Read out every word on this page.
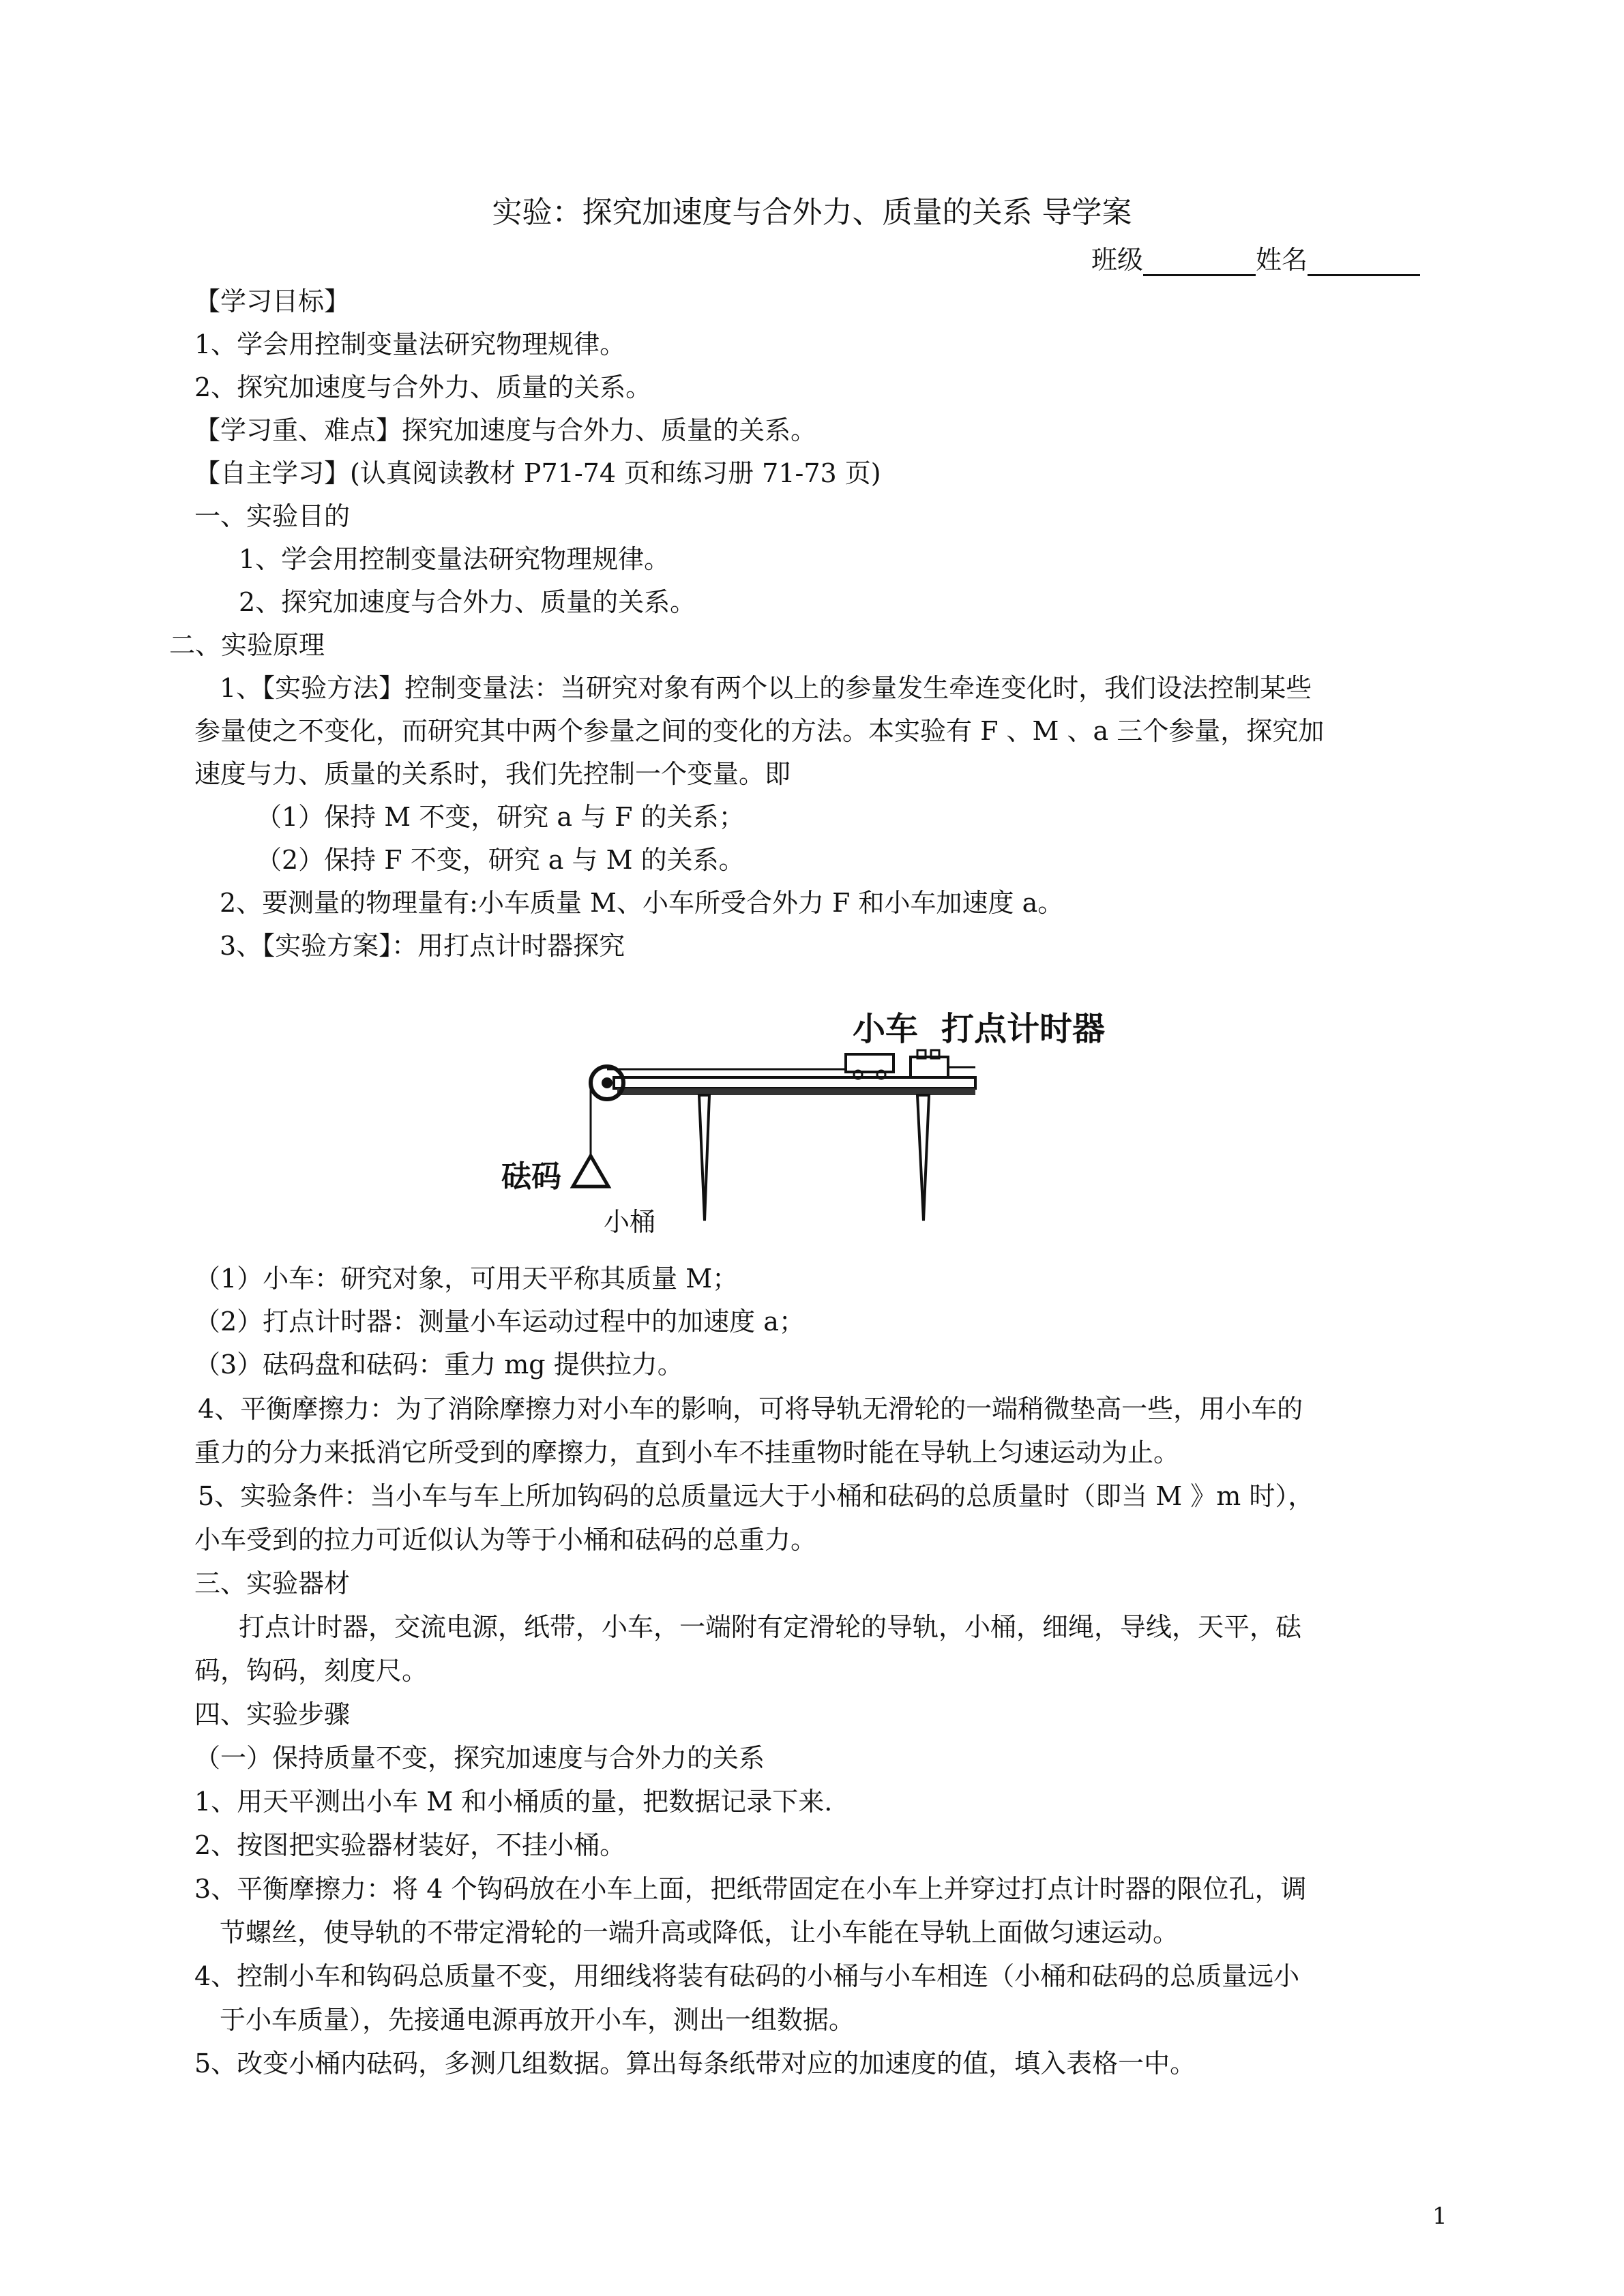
实验：探究加速度与合外力、质量的关系 导学案
班级	姓名
【学习目标】
1、学会用控制变量法研究物理规律。
2、探究加速度与合外力、质量的关系。
【学习重、难点】探究加速度与合外力、质量的关系。
【自主学习】(认真阅读教材 P71-74 页和练习册 71-73 页)
一、实验目的
1、学会用控制变量法研究物理规律。
2、探究加速度与合外力、质量的关系。
二、实验原理
1、【实验方法】控制变量法：当研究对象有两个以上的参量发生牵连变化时，我们设法控制某些
参量使之不变化，而研究其中两个参量之间的变化的方法。本实验有 F 、M 、a 三个参量，探究加
速度与力、质量的关系时，我们先控制一个变量。即
（1）保持 M 不变，研究 a 与 F 的关系；
（2）保持 F 不变，研究 a 与 M 的关系。
2、要测量的物理量有:小车质量 M、小车所受合外力 F 和小车加速度 a。
3、【实验方案】：用打点计时器探究
（1）小车：研究对象，可用天平称其质量 M；
（2）打点计时器：测量小车运动过程中的加速度 a；
（3）砝码盘和砝码：重力 mg 提供拉力。
4、平衡摩擦力：为了消除摩擦力对小车的影响，可将导轨无滑轮的一端稍微垫高一些，用小车的
重力的分力来抵消它所受到的摩擦力，直到小车不挂重物时能在导轨上匀速运动为止。
5、实验条件：当小车与车上所加钩码的总质量远大于小桶和砝码的总质量时（即当 M 》m 时），
小车受到的拉力可近似认为等于小桶和砝码的总重力。
三、实验器材
打点计时器，交流电源，纸带，小车，一端附有定滑轮的导轨，小桶，细绳，导线，天平，砝
码，钩码，刻度尺。
四、实验步骤
（一）保持质量不变，探究加速度与合外力的关系
1、用天平测出小车 M 和小桶质的量，把数据记录下来.
2、按图把实验器材装好，不挂小桶。
3、平衡摩擦力：将 4 个钩码放在小车上面，把纸带固定在小车上并穿过打点计时器的限位孔，调
节螺丝，使导轨的不带定滑轮的一端升高或降低，让小车能在导轨上面做匀速运动。
4、控制小车和钩码总质量不变，用细线将装有砝码的小桶与小车相连（小桶和砝码的总质量远小
于小车质量），先接通电源再放开小车，测出一组数据。
5、改变小桶内砝码，多测几组数据。算出每条纸带对应的加速度的值，填入表格一中。
小车 打点计时器
砝码
小桶
1
